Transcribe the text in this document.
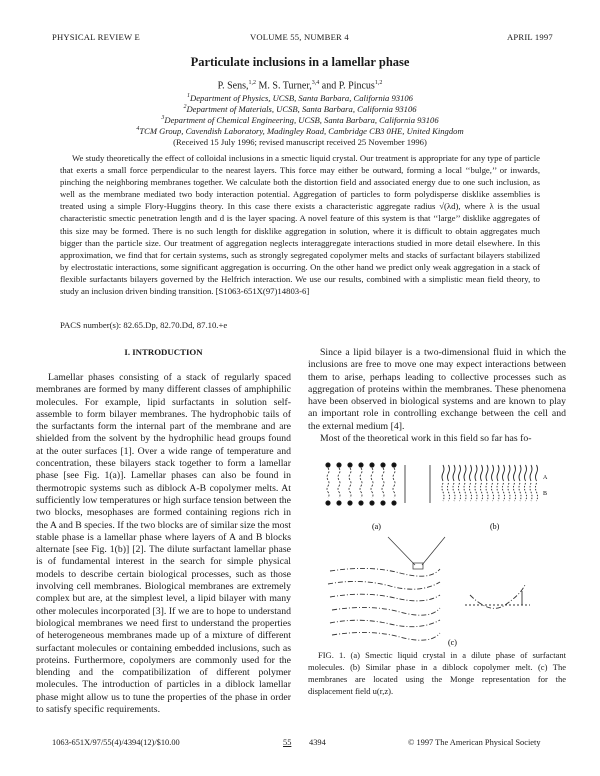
PHYSICAL REVIEW E	VOLUME 55, NUMBER 4	APRIL 1997
Particulate inclusions in a lamellar phase
P. Sens,$^{1,2}$ M. S. Turner,$^{3,4}$ and P. Pincus$^{1,2}$
$^1$Department of Physics, UCSB, Santa Barbara, California 93106
$^2$Department of Materials, UCSB, Santa Barbara, California 93106
$^3$Department of Chemical Engineering, UCSB, Santa Barbara, California 93106
$^4$TCM Group, Cavendish Laboratory, Madingley Road, Cambridge CB3 0HE, United Kingdom
(Received 15 July 1996; revised manuscript received 25 November 1996)
We study theoretically the effect of colloidal inclusions in a smectic liquid crystal. Our treatment is appropriate for any type of particle that exerts a small force perpendicular to the nearest layers. This force may either be outward, forming a local ‘‘bulge,’’ or inwards, pinching the neighboring membranes together. We calculate both the distortion field and associated energy due to one such inclusion, as well as the membrane mediated two body interaction potential. Aggregation of particles to form polydisperse disklike assemblies is treated using a simple Flory-Huggins theory. In this case there exists a characteristic aggregate radius √(λd), where λ is the usual characteristic smectic penetration length and d is the layer spacing. A novel feature of this system is that ‘‘large’’ disklike aggregates of this size may be formed. There is no such length for disklike aggregation in solution, where it is difficult to obtain aggregates much bigger than the particle size. Our treatment of aggregation neglects interaggregate interactions studied in more detail elsewhere. In this approximation, we find that for certain systems, such as strongly segregated copolymer melts and stacks of surfactant bilayers stabilized by electrostatic interactions, some significant aggregation is occurring. On the other hand we predict only weak aggregation in a stack of flexible surfactants bilayers governed by the Helfrich interaction. We use our results, combined with a simplistic mean field theory, to study an inclusion driven binding transition. [S1063-651X(97)14803-6]
PACS number(s): 82.65.Dp, 82.70.Dd, 87.10.+e
I. INTRODUCTION

Lamellar phases consisting of a stack of regularly spaced membranes are formed by many different classes of amphiphilic molecules. For example, lipid surfactants in solution self-assemble to form bilayer membranes. The hydrophobic tails of the surfactants form the internal part of the membrane and are shielded from the solvent by the hydrophilic head groups found at the outer surfaces [1]. Over a wide range of temperature and concentration, these bilayers stack together to form a lamellar phase [see Fig. 1(a)]. Lamellar phases can also be found in thermotropic systems such as diblock A-B copolymer melts. At sufficiently low temperatures or high surface tension between the two blocks, mesophases are formed containing regions rich in the A and B species. If the two blocks are of similar size the most stable phase is a lamellar phase where layers of A and B blocks alternate [see Fig. 1(b)] [2]. The dilute surfactant lamellar phase is of fundamental interest in the search for simple physical models to describe certain biological processes, such as those involving cell membranes. Biological membranes are extremely complex but are, at the simplest level, a lipid bilayer with many other molecules incorporated [3]. If we are to hope to understand biological membranes we need first to understand the properties of heterogeneous membranes made up of a mixture of different surfactant molecules or containing embedded inclusions, such as proteins. Furthermore, copolymers are commonly used for the blending and the compatibilization of different polymer molecules. The introduction of particles in a diblock lamellar phase might allow us to tune the properties of the phase in order to satisfy specific requirements.

Since a lipid bilayer is a two-dimensional fluid in which the inclusions are free to move one may expect interactions between them to arise, perhaps leading to collective processes such as aggregation of proteins within the membranes. These phenomena have been observed in biological systems and are known to play an important role in controlling exchange between the cell and the external medium [4].

Most of the theoretical work in this field so far has fo-

(a)	(b)
A
B
(c)
FIG. 1. (a) Smectic liquid crystal in a dilute phase of surfactant molecules. (b) Similar phase in a diblock copolymer melt. (c) The membranes are located using the Monge representation for the displacement field u(r,z).
1063-651X/97/55(4)/4394(12)/$10.00	55 4394	© 1997 The American Physical Society
